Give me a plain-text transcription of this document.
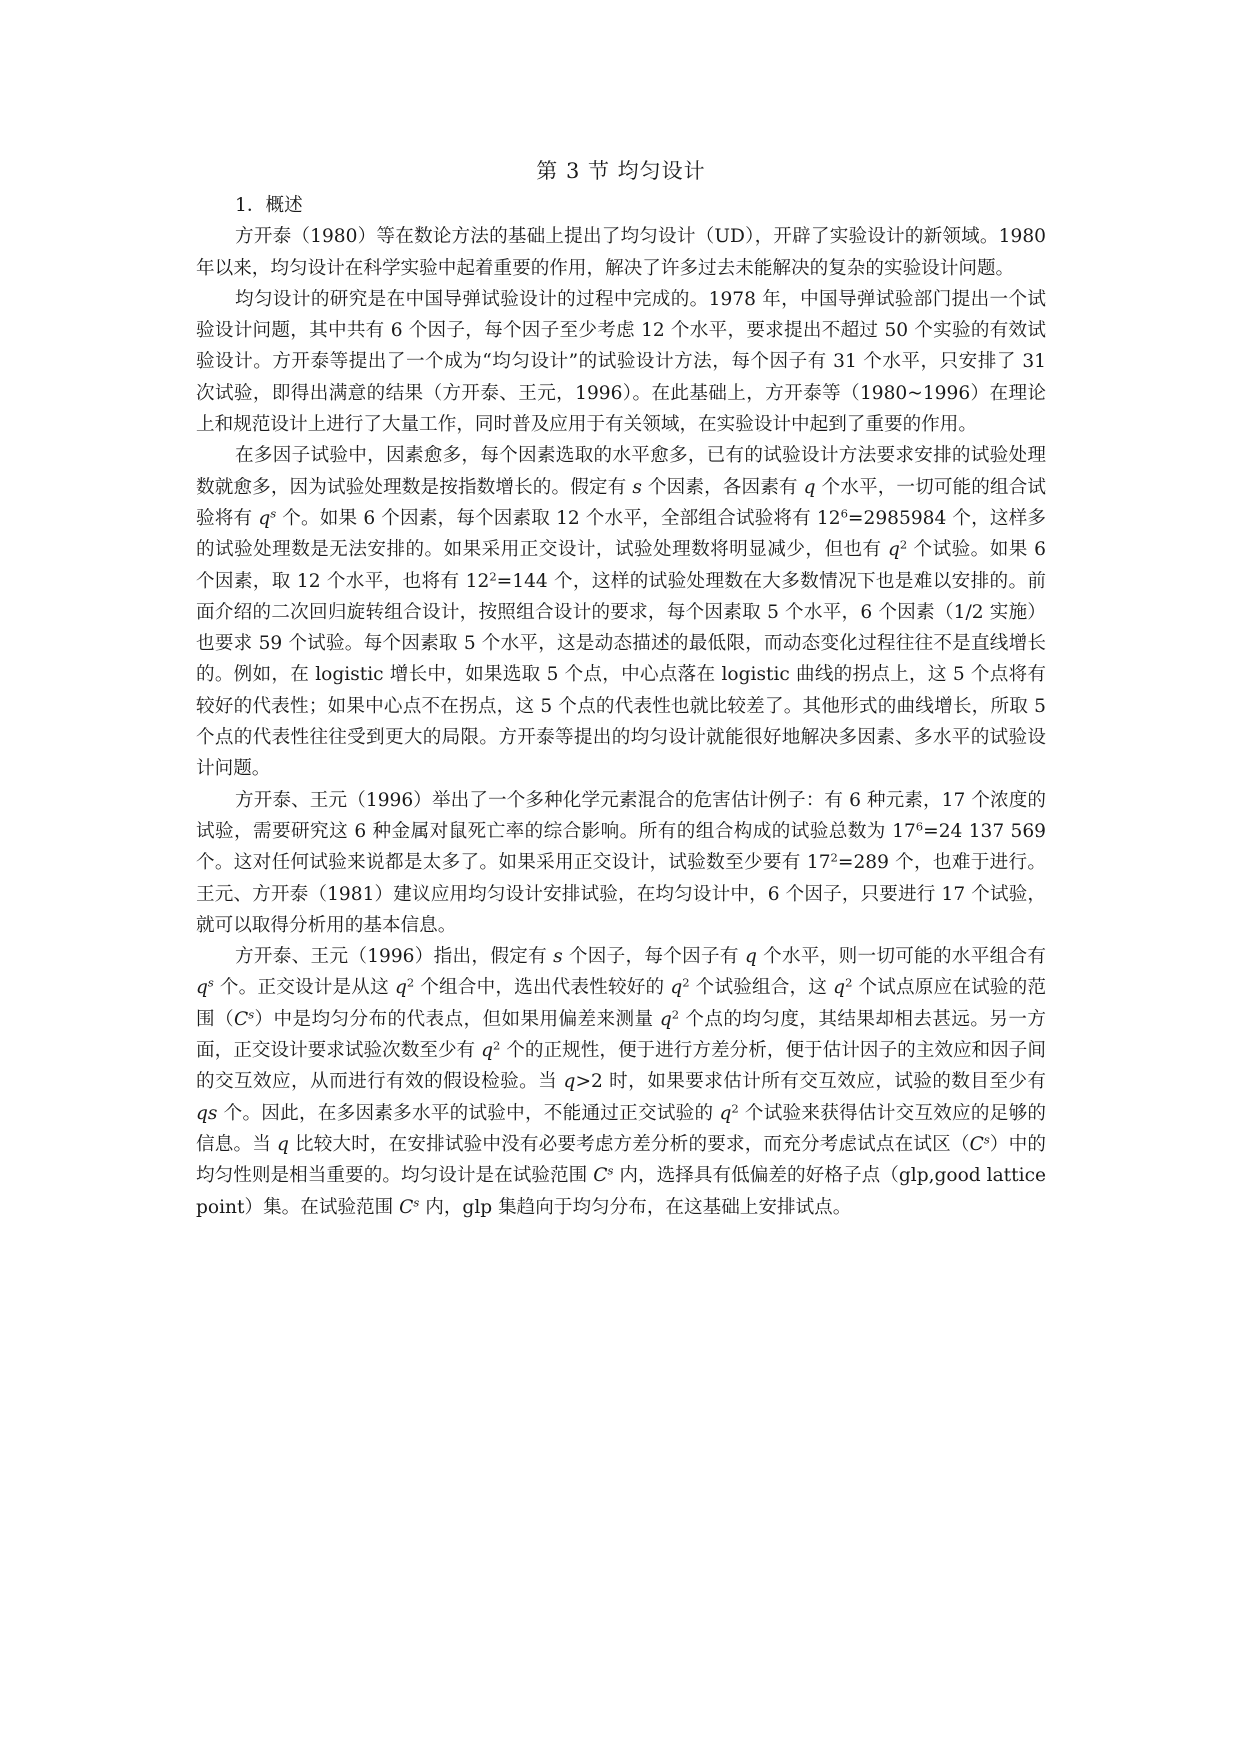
第 3 节 均匀设计

1．概述

方开泰（1980）等在数论方法的基础上提出了均匀设计（UD），开辟了实验设计的新领域。1980 年以来，均匀设计在科学实验中起着重要的作用，解决了许多过去未能解决的复杂的实验设计问题。

均匀设计的研究是在中国导弹试验设计的过程中完成的。1978 年，中国导弹试验部门提出一个试验设计问题，其中共有 6 个因子，每个因子至少考虑 12 个水平，要求提出不超过 50 个实验的有效试验设计。方开泰等提出了一个成为“均匀设计”的试验设计方法，每个因子有 31 个水平，只安排了 31 次试验，即得出满意的结果（方开泰、王元，1996）。在此基础上，方开泰等（1980~1996）在理论上和规范设计上进行了大量工作，同时普及应用于有关领域，在实验设计中起到了重要的作用。

在多因子试验中，因素愈多，每个因素选取的水平愈多，已有的试验设计方法要求安排的试验处理数就愈多，因为试验处理数是按指数增长的。假定有 s 个因素，各因素有 q 个水平，一切可能的组合试验将有 $q^s$ 个。如果 6 个因素，每个因素取 12 个水平，全部组合试验将有 $12^6=2985984$ 个，这样多的试验处理数是无法安排的。如果采用正交设计，试验处理数将明显减少，但也有 $q^2$ 个试验。如果 6 个因素，取 12 个水平，也将有 $12^2=144$ 个，这样的试验处理数在大多数情况下也是难以安排的。前面介绍的二次回归旋转组合设计，按照组合设计的要求，每个因素取 5 个水平，6 个因素（1/2 实施）也要求 59 个试验。每个因素取 5 个水平，这是动态描述的最低限，而动态变化过程往往不是直线增长的。例如，在 logistic 增长中，如果选取 5 个点，中心点落在 logistic 曲线的拐点上，这 5 个点将有较好的代表性；如果中心点不在拐点，这 5 个点的代表性也就比较差了。其他形式的曲线增长，所取 5 个点的代表性往往受到更大的局限。方开泰等提出的均匀设计就能很好地解决多因素、多水平的试验设计问题。

方开泰、王元（1996）举出了一个多种化学元素混合的危害估计例子：有 6 种元素，17 个浓度的试验，需要研究这 6 种金属对鼠死亡率的综合影响。所有的组合构成的试验总数为 $17^6=24$ 137 569 个。这对任何试验来说都是太多了。如果采用正交设计，试验数至少要有 $17^2=289$ 个，也难于进行。王元、方开泰（1981）建议应用均匀设计安排试验，在均匀设计中，6 个因子，只要进行 17 个试验，就可以取得分析用的基本信息。

方开泰、王元（1996）指出，假定有 s 个因子，每个因子有 q 个水平，则一切可能的水平组合有 $q^s$ 个。正交设计是从这 $q^2$ 个组合中，选出代表性较好的 $q^2$ 个试验组合，这 $q^2$ 个试点原应在试验的范围$(C^s)$中是均匀分布的代表点，但如果用偏差来测量 $q^2$ 个点的均匀度，其结果却相去甚远。另一方面，正交设计要求试验次数至少有 $q^2$ 个的正规性，便于进行方差分析，便于估计因子的主效应和因子间的交互效应，从而进行有效的假设检验。当 q>2 时，如果要求估计所有交互效应，试验的数目至少有 qs 个。因此，在多因素多水平的试验中，不能通过正交试验的 $q^2$ 个试验来获得估计交互效应的足够的信息。当 q 比较大时，在安排试验中没有必要考虑方差分析的要求，而充分考虑试点在试区$(C^s)$中的均匀性则是相当重要的。均匀设计是在试验范围 $C^s$ 内，选择具有低偏差的好格子点（glp,good lattice point）集。在试验范围 $C^s$ 内，glp 集趋向于均匀分布，在这基础上安排试点。
